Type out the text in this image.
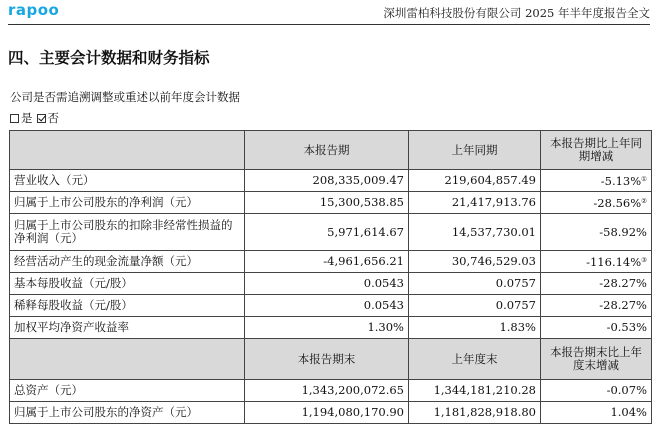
rapoo	深圳雷柏科技股份有限公司 2025 年半年度报告全文
四、主要会计数据和财务指标
公司是否需追溯调整或重述以前年度会计数据
是 否
	本报告期	上年同期	本报告期比上年同期增减
营业收入（元）	208,335,009.47	219,604,857.49	-5.13%①
归属于上市公司股东的净利润（元）	15,300,538.85	21,417,913.76	-28.56%②
归属于上市公司股东的扣除非经常性损益的净利润（元）	5,971,614.67	14,537,730.01	-58.92%
经营活动产生的现金流量净额（元）	-4,961,656.21	30,746,529.03	-116.14%③
基本每股收益（元/股）	0.0543	0.0757	-28.27%
稀释每股收益（元/股）	0.0543	0.0757	-28.27%
加权平均净资产收益率	1.30%	1.83%	-0.53%
	本报告期末	上年度末	本报告期末比上年度末增减
总资产（元）	1,343,200,072.65	1,344,181,210.28	-0.07%
归属于上市公司股东的净资产（元）	1,194,080,170.90	1,181,828,918.80	1.04%
